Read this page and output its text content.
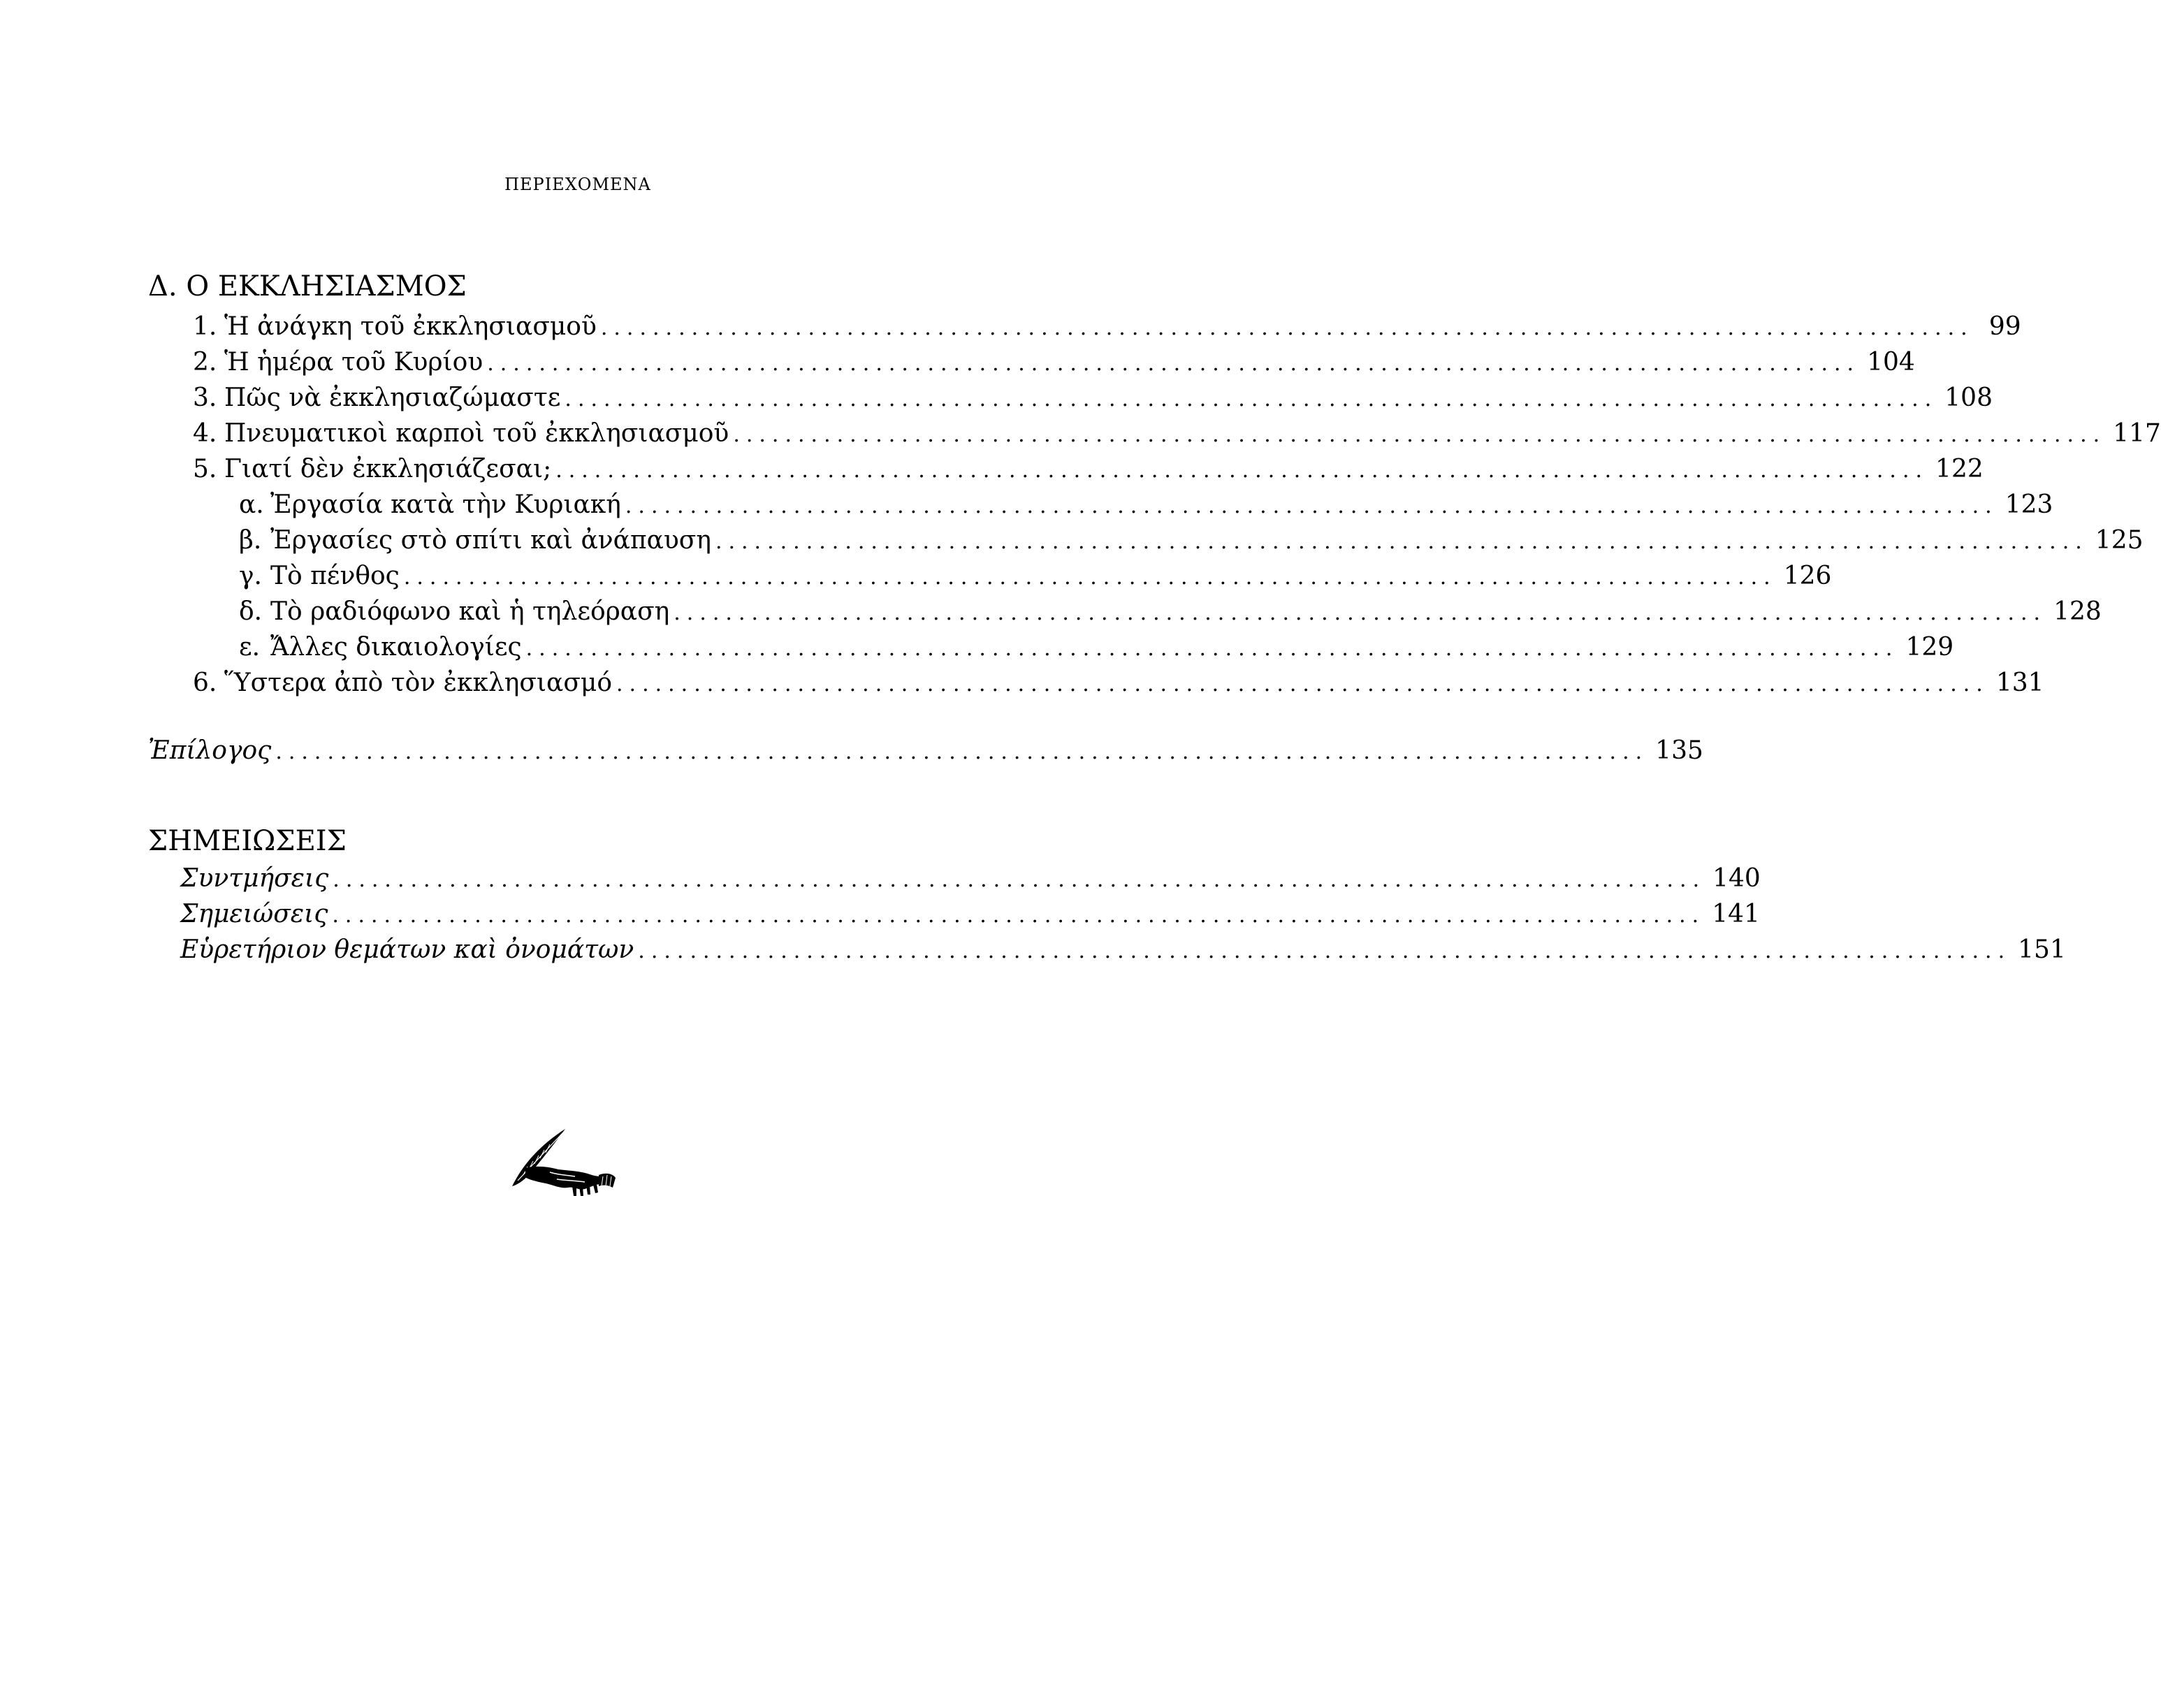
ΠΕΡΙΕΧΟΜΕΝΑ
Δ. Ο ΕΚΚΛΗΣΙΑΣΜΟΣ
1. Ἡ ἀνάγκη τοῦ ἐκκλησιασμοῦ .......................................................................................................... 99
2. Ἡ ἡμέρα τοῦ Κυρίου .......................................................................................................... 104
3. Πῶς νὰ ἐκκλησιαζώμαστε .......................................................................................................... 108
4. Πνευματικοὶ καρποὶ τοῦ ἐκκλησιασμοῦ .......................................................................................................... 117
5. Γιατί δὲν ἐκκλησιάζεσαι; .......................................................................................................... 122
α. Ἐργασία κατὰ τὴν Κυριακή .......................................................................................................... 123
β. Ἐργασίες στὸ σπίτι καὶ ἀνάπαυση .......................................................................................................... 125
γ. Τὸ πένθος .......................................................................................................... 126
δ. Τὸ ραδιόφωνο καὶ ἡ τηλεόραση .......................................................................................................... 128
ε. Ἄλλες δικαιολογίες .......................................................................................................... 129
6. Ὕστερα ἀπὸ τὸν ἐκκλησιασμό .......................................................................................................... 131
Ἐπίλογος .......................................................................................................... 135
ΣΗΜΕΙΩΣΕΙΣ
Συντμήσεις .......................................................................................................... 140
Σημειώσεις .......................................................................................................... 141
Εὑρετήριον θεμάτων καὶ ὀνομάτων .......................................................................................................... 151
